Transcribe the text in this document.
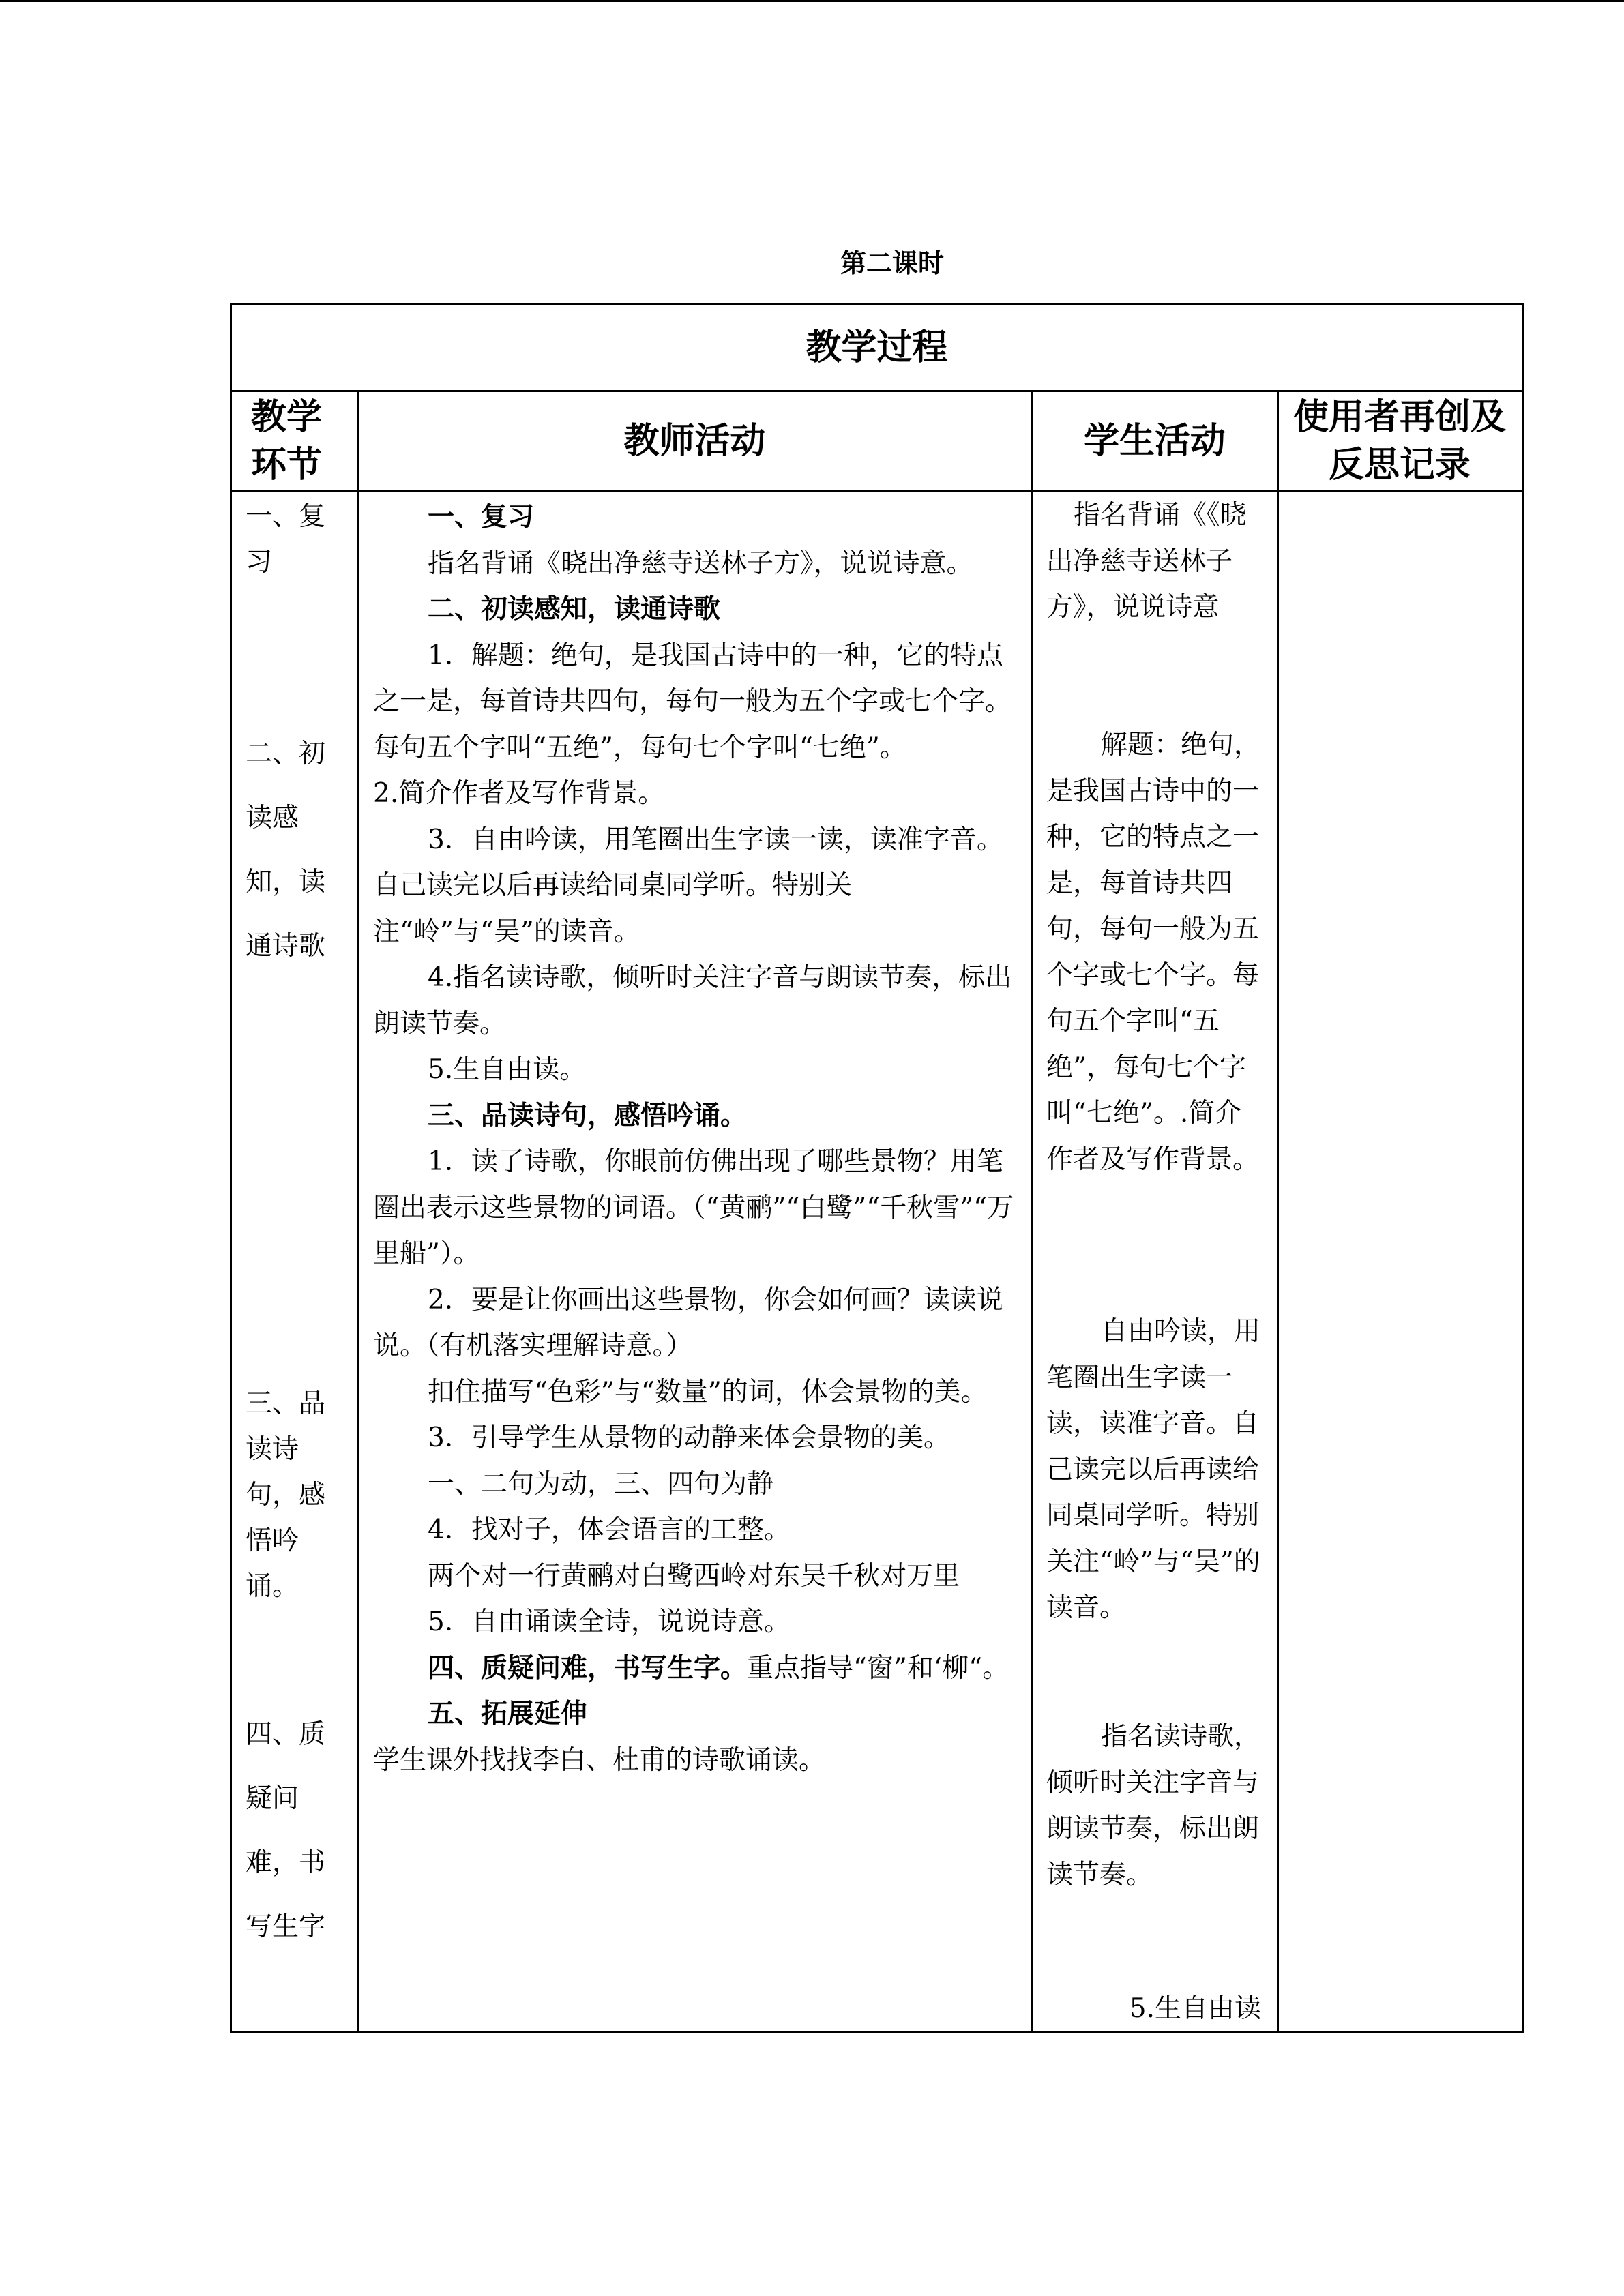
第二课时
教学过程
教学环节
教师活动	学生活动
使用者再创及反思记录

一、复习

二、初读感知，读通诗歌

三、品读诗句，感悟吟诵。

四、质疑问难，书写生字

一、复习

指名背诵《晓出净慈寺送林子方》，说说诗意。

二、初读感知，读通诗歌

1．解题：绝句，是我国古诗中的一种，它的特点之一是，每首诗共四句，每句一般为五个字或七个字。每句五个字叫“五绝”，每句七个字叫“七绝”。

2.简介作者及写作背景。

3．自由吟读，用笔圈出生字读一读，读准字音。自己读完以后再读给同桌同学听。特别关注“岭”与“吴”的读音。

4.指名读诗歌，倾听时关注字音与朗读节奏，标出朗读节奏。

5.生自由读。

三、品读诗句，感悟吟诵。

1．读了诗歌，你眼前仿佛出现了哪些景物？用笔圈出表示这些景物的词语。（“黄鹂”“白鹭”“千秋雪”“万里船”）。

2．要是让你画出这些景物，你会如何画？读读说说。（有机落实理解诗意。）

扣住描写“色彩”与“数量”的词，体会景物的美。

3．引导学生从景物的动静来体会景物的美。

一、二句为动，三、四句为静

4．找对子，体会语言的工整。

两个对一行黄鹂对白鹭西岭对东吴千秋对万里

5．自由诵读全诗，说说诗意。

四、质疑问难，书写生字。重点指导“窗”和‘柳“。

五、拓展延伸

学生课外找找李白、杜甫的诗歌诵读。

指名背诵《《晓出净慈寺送林子方》，说说诗意

解题：绝句，是我国古诗中的一种，它的特点之一是，每首诗共四句，每句一般为五个字或七个字。每句五个字叫“五绝”，每句七个字叫“七绝”。.简介作者及写作背景。

自由吟读，用笔圈出生字读一读，读准字音。自己读完以后再读给同桌同学听。特别关注“岭”与“吴”的读音。

指名读诗歌，倾听时关注字音与朗读节奏，标出朗读节奏。

5.生自由读
